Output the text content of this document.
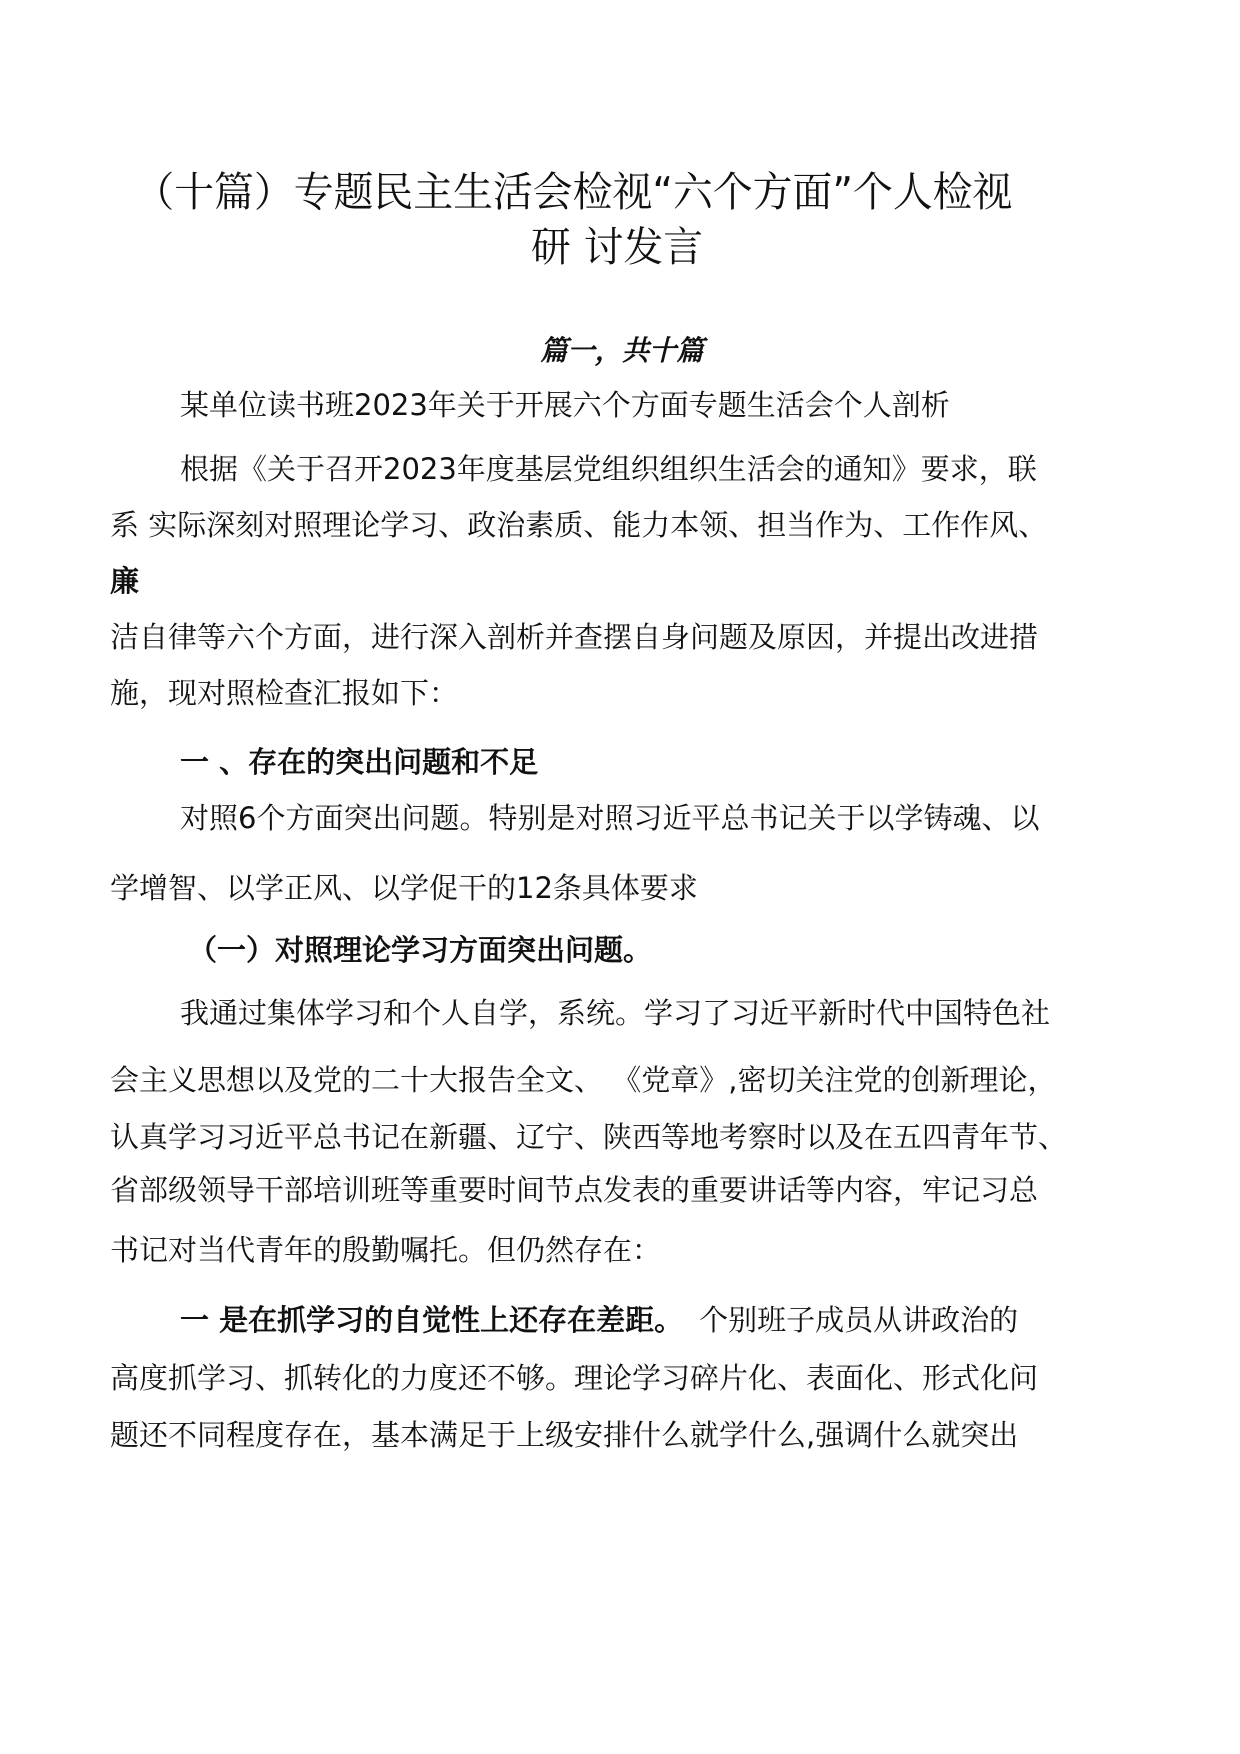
（十篇）专题民主生活会检视“六个方面”个人检视
研 讨发言
篇一，共十篇
某单位读书班2023年关于开展六个方面专题生活会个人剖析
根据《关于召开2023年度基层党组织组织生活会的通知》要求，联
系 实际深刻对照理论学习、政治素质、能力本领、担当作为、工作作风、
廉
洁自律等六个方面，进行深入剖析并查摆自身问题及原因，并提出改进措
施，现对照检查汇报如下：
一 、存在的突出问题和不足
对照6个方面突出问题。特别是对照习近平总书记关于以学铸魂、以
学增智、以学正风、以学促干的12条具体要求
（一）对照理论学习方面突出问题。
我通过集体学习和个人自学，系统。学习了习近平新时代中国特色社
会主义思想以及党的二十大报告全文、 《党章》,密切关注党的创新理论，
认真学习习近平总书记在新疆、辽宁、陕西等地考察时以及在五四青年节、
省部级领导干部培训班等重要时间节点发表的重要讲话等内容，牢记习总
书记对当代青年的殷勤嘱托。但仍然存在：
一 是在抓学习的自觉性上还存在差距。 个别班子成员从讲政治的
高度抓学习、抓转化的力度还不够。理论学习碎片化、表面化、形式化问
题还不同程度存在，基本满足于上级安排什么就学什么,强调什么就突出
